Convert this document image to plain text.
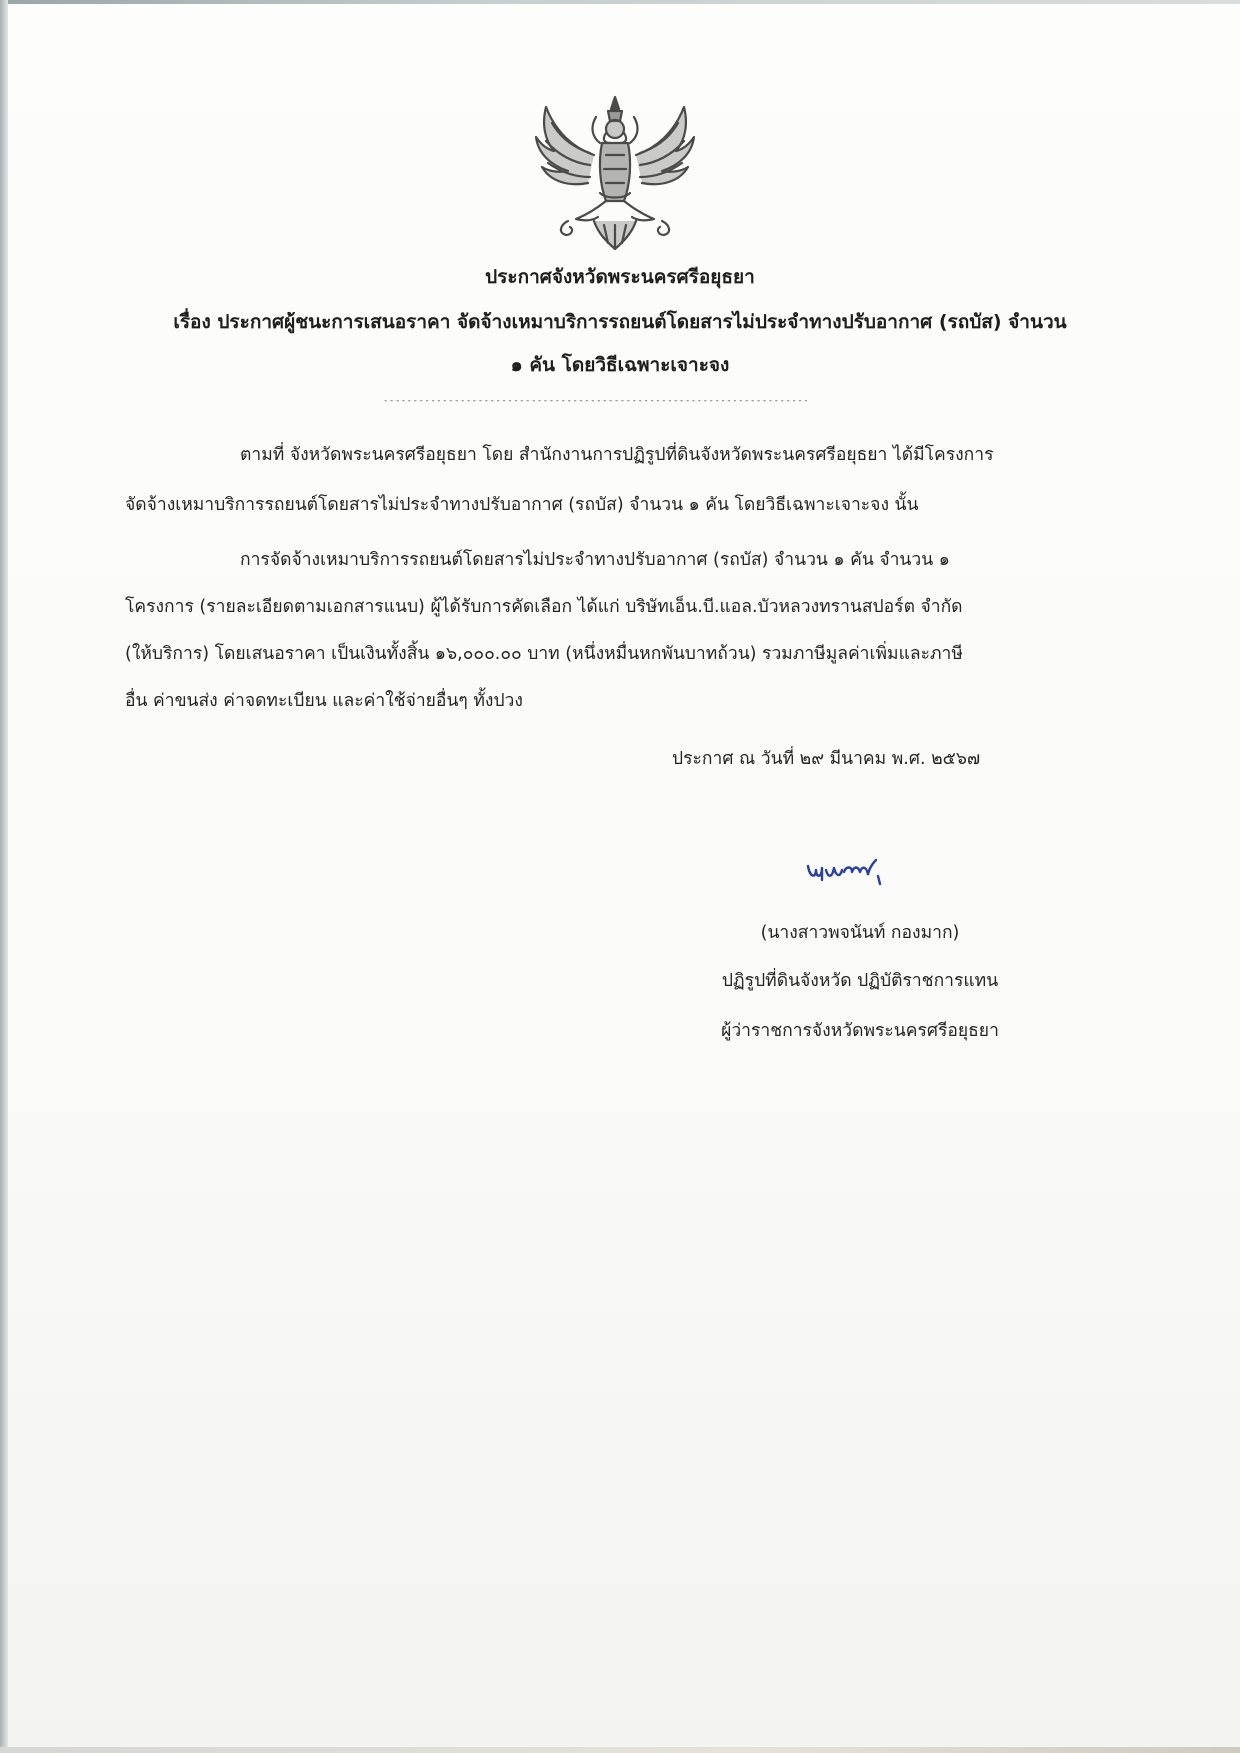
ประกาศจังหวัดพระนครศรีอยุธยา
เรื่อง ประกาศผู้ชนะการเสนอราคา จัดจ้างเหมาบริการรถยนต์โดยสารไม่ประจำทางปรับอากาศ (รถบัส) จำนวน
๑ คัน โดยวิธีเฉพาะเจาะจง
------------------------------------------------------------------------
ตามที่ จังหวัดพระนครศรีอยุธยา โดย สำนักงานการปฏิรูปที่ดินจังหวัดพระนครศรีอยุธยา ได้มีโครงการ
จัดจ้างเหมาบริการรถยนต์โดยสารไม่ประจำทางปรับอากาศ (รถบัส) จำนวน ๑ คัน โดยวิธีเฉพาะเจาะจง นั้น
การจัดจ้างเหมาบริการรถยนต์โดยสารไม่ประจำทางปรับอากาศ (รถบัส) จำนวน ๑ คัน จำนวน ๑
โครงการ (รายละเอียดตามเอกสารแนบ) ผู้ได้รับการคัดเลือก ได้แก่ บริษัทเอ็น.บี.แอล.บัวหลวงทรานสปอร์ต จำกัด
(ให้บริการ) โดยเสนอราคา เป็นเงินทั้งสิ้น ๑๖,๐๐๐.๐๐ บาท (หนึ่งหมื่นหกพันบาทถ้วน) รวมภาษีมูลค่าเพิ่มและภาษี
อื่น ค่าขนส่ง ค่าจดทะเบียน และค่าใช้จ่ายอื่นๆ ทั้งปวง
ประกาศ ณ วันที่ ๒๙ มีนาคม พ.ศ. ๒๕๖๗
(นางสาวพจนันท์ กองมาก)
ปฏิรูปที่ดินจังหวัด ปฏิบัติราชการแทน
ผู้ว่าราชการจังหวัดพระนครศรีอยุธยา
